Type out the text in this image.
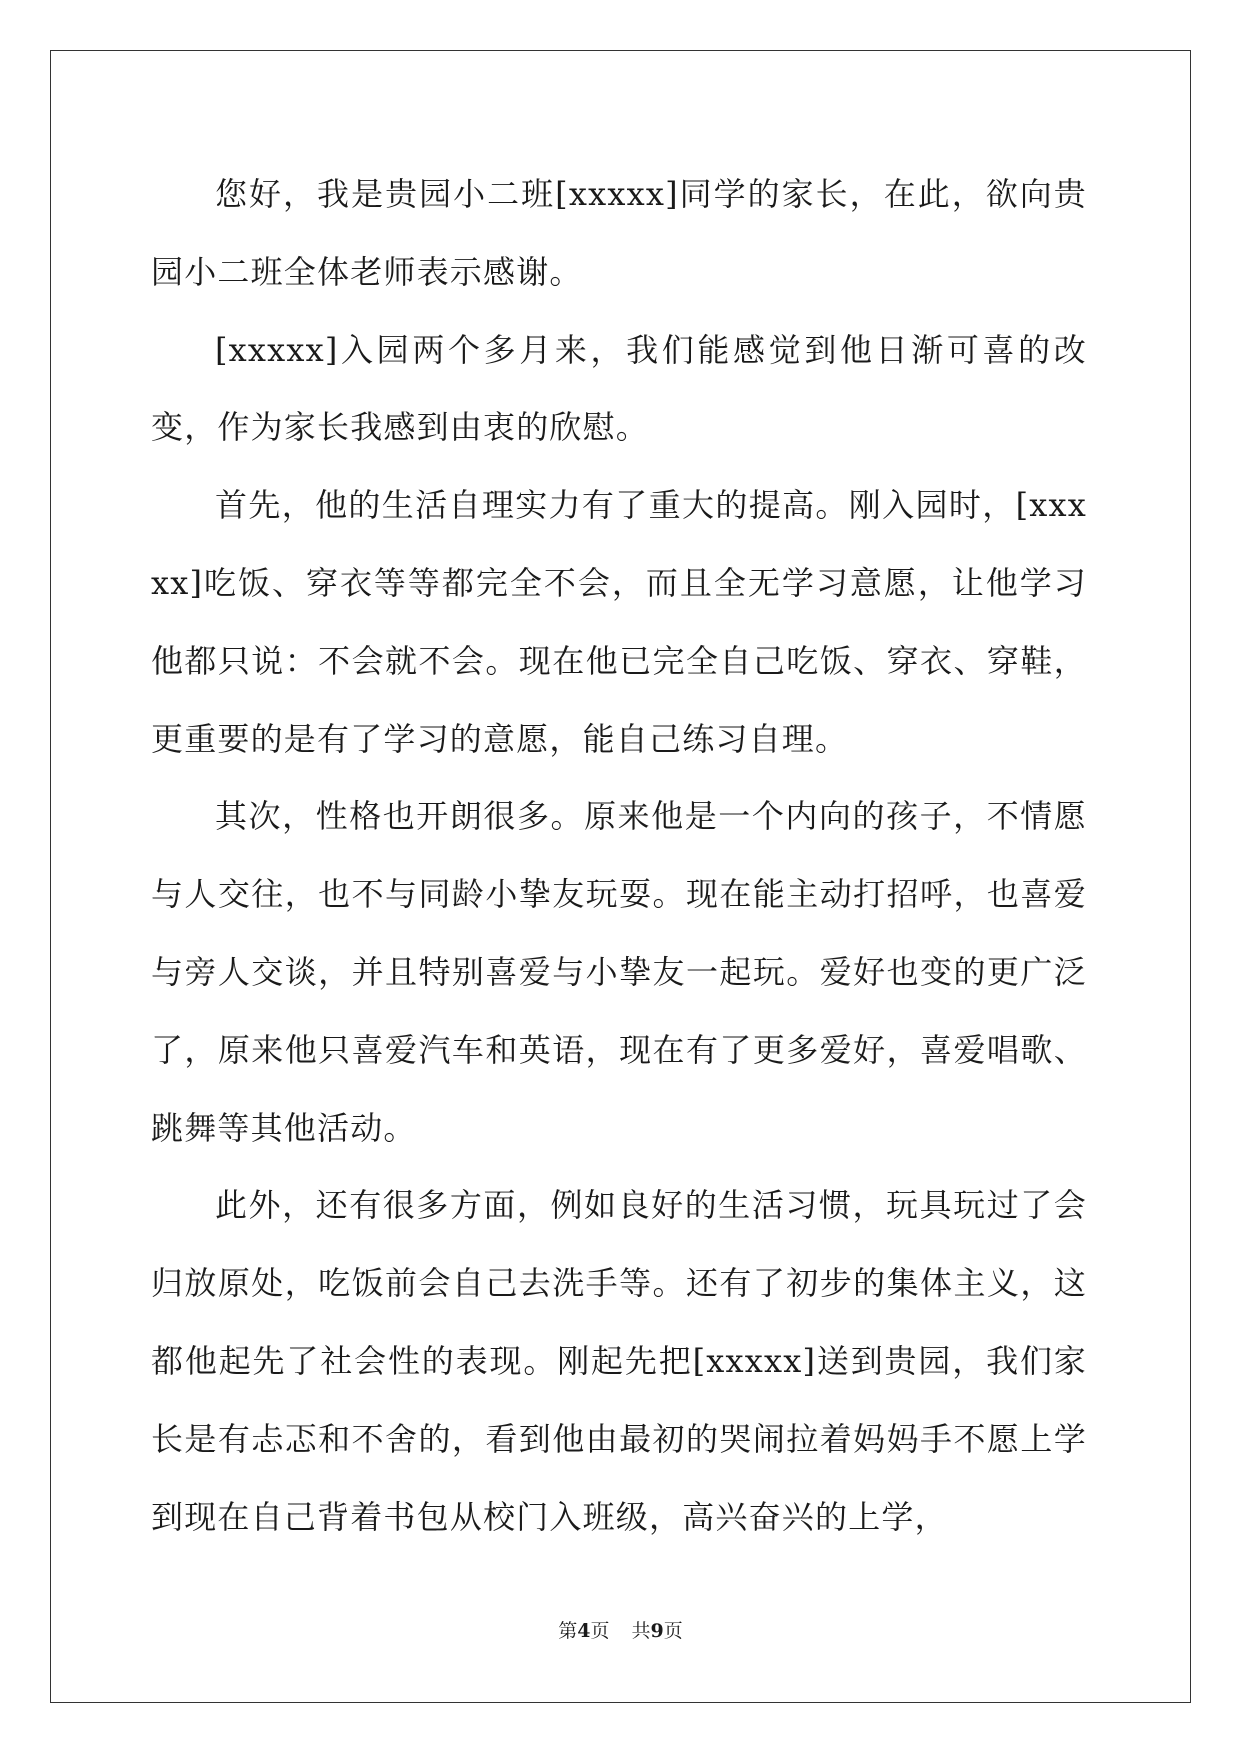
您好，我是贵园小二班[xxxxx]同学的家长，在此，欲向贵园小二班全体老师表示感谢。

[xxxxx]入园两个多月来，我们能感觉到他日渐可喜的改变，作为家长我感到由衷的欣慰。

首先，他的生活自理实力有了重大的提高。刚入园时，[xxxxx]吃饭、穿衣等等都完全不会，而且全无学习意愿，让他学习他都只说：不会就不会。现在他已完全自己吃饭、穿衣、穿鞋，更重要的是有了学习的意愿，能自己练习自理。

其次，性格也开朗很多。原来他是一个内向的孩子，不情愿与人交往，也不与同龄小挚友玩耍。现在能主动打招呼，也喜爱与旁人交谈，并且特别喜爱与小挚友一起玩。爱好也变的更广泛了，原来他只喜爱汽车和英语，现在有了更多爱好，喜爱唱歌、跳舞等其他活动。

此外，还有很多方面，例如良好的生活习惯，玩具玩过了会归放原处，吃饭前会自己去洗手等。还有了初步的集体主义，这都他起先了社会性的表现。刚起先把[xxxxx]送到贵园，我们家长是有忐忑和不舍的，看到他由最初的哭闹拉着妈妈手不愿上学到现在自己背着书包从校门入班级，高兴奋兴的上学，

第4页 共9页
